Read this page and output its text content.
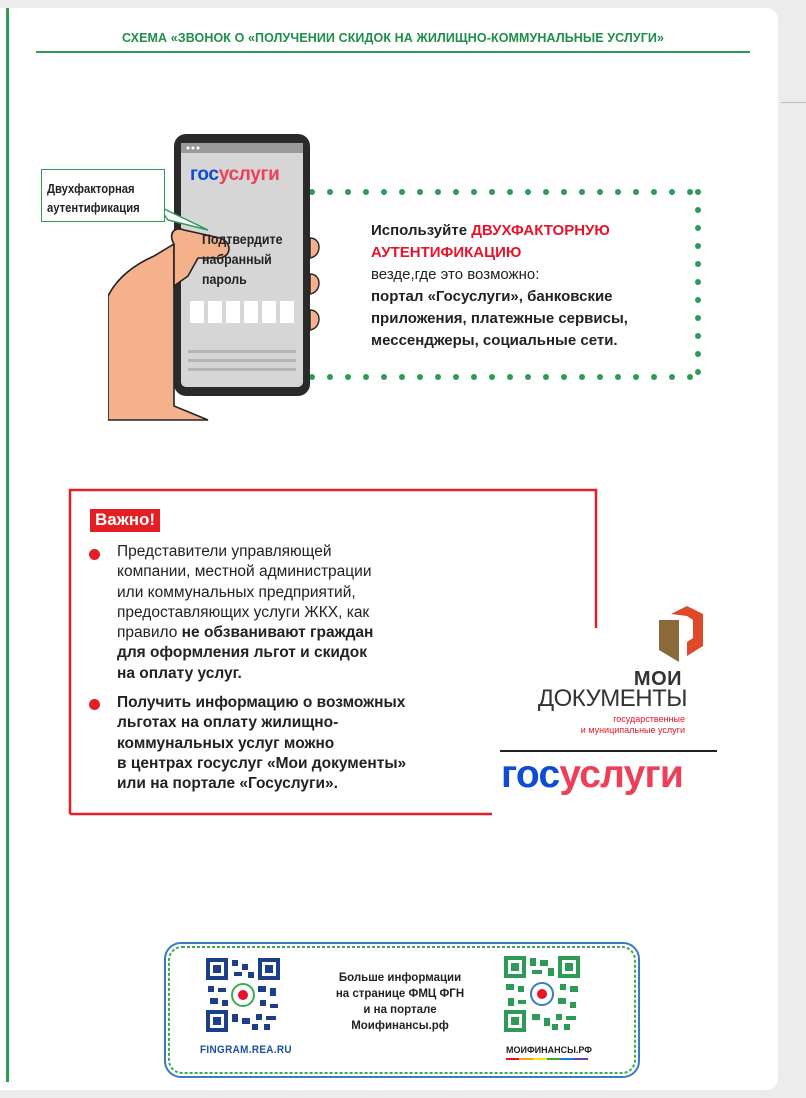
СХЕМА «ЗВОНОК О «ПОЛУЧЕНИИ СКИДОК НА ЖИЛИЩНО-КОММУНАЛЬНЫЕ УСЛУГИ»
Двухфакторная
аутентификация
госуслуги
Подтвердите
набранный
пароль
Используйте ДВУХФАКТОРНУЮ
АУТЕНТИФИКАЦИЮ
везде,где это возможно:
портал «Госуслуги», банковские
приложения, платежные сервисы,
мессенджеры, социальные сети.
Важно!
Представители управляющей
компании, местной администрации
или коммунальных предприятий,
предоставляющих услуги ЖКХ, как
правило не обзванивают граждан
для оформления льгот и скидок
на оплату услуг.
Получить информацию о возможных
льготах на оплату жилищно-
коммунальных услуг можно
в центрах госуслуг «Мои документы»
или на портале «Госуслуги».
МОИ
ДОКУМЕНТЫ
государственные
и муниципальные услуги
госуслуги
Больше информации
на странице ФМЦ ФГН
и на портале
Моифинансы.рф
FINGRAM.REA.RU	МОИФИНАНСЫ.РФ
